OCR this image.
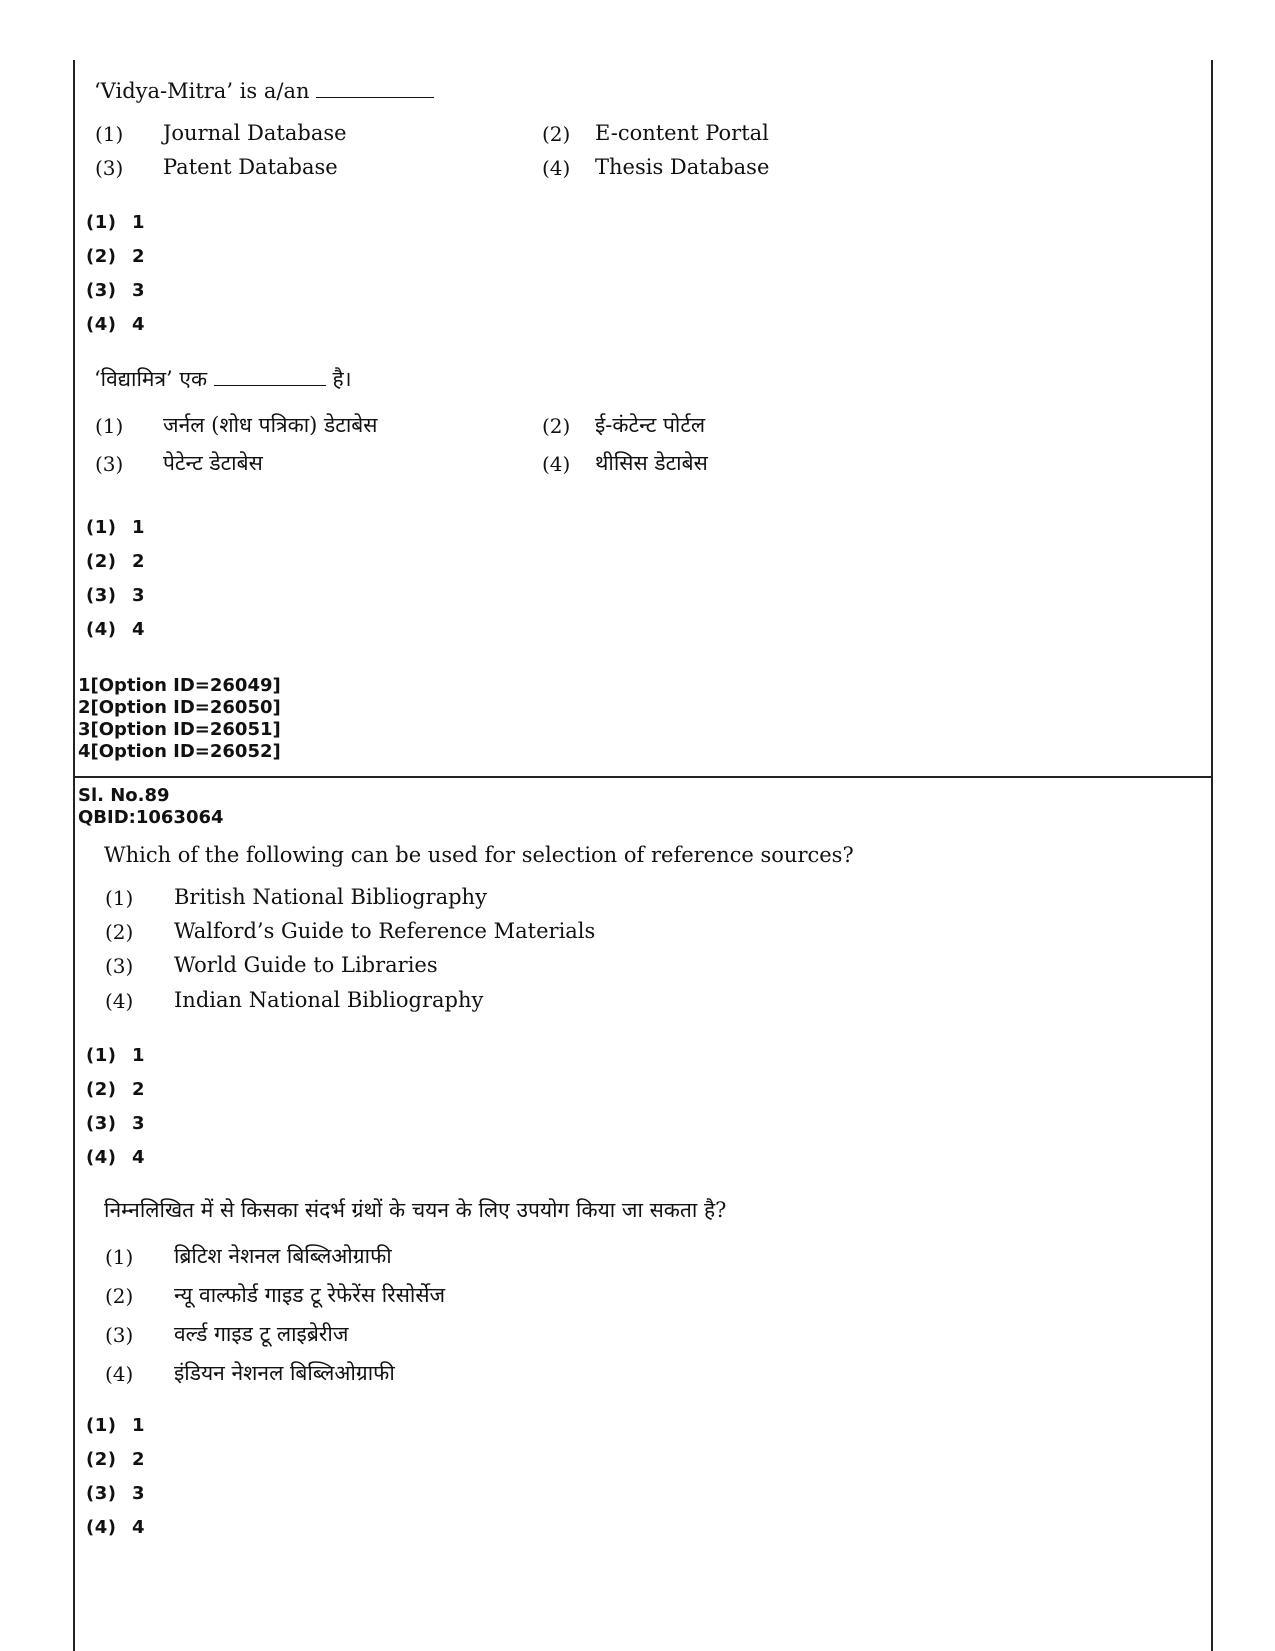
‘Vidya-Mitra’ is a/an
(1) Journal Database	(2) E-content Portal
(3) Patent Database	(4) Thesis Database
(1) 1
(2) 2
(3) 3
(4) 4
‘विद्यामित्र’ एक	है।
(1) जर्नल (शोध पत्रिका) डेटाबेस	(2) ई-कंटेन्ट पोर्टल
(3) पेटेन्ट डेटाबेस	(4) थीसिस डेटाबेस
(1) 1
(2) 2
(3) 3
(4) 4
1[Option ID=26049]
2[Option ID=26050]
3[Option ID=26051]
4[Option ID=26052]
Sl. No.89
QBID:1063064
Which of the following can be used for selection of reference sources?
(1) British National Bibliography
(2) Walford’s Guide to Reference Materials
(3) World Guide to Libraries
(4) Indian National Bibliography
(1) 1
(2) 2
(3) 3
(4) 4
निम्नलिखित में से किसका संदर्भ ग्रंथों के चयन के लिए उपयोग किया जा सकता है?
(1) ब्रिटिश नेशनल बिब्लिओग्राफी
(2) न्यू वाल्फोर्ड गाइड टू रेफेरेंस रिसोर्सेज
(3) वर्ल्ड गाइड टू लाइब्रेरीज
(4) इंडियन नेशनल बिब्लिओग्राफी
(1) 1
(2) 2
(3) 3
(4) 4
